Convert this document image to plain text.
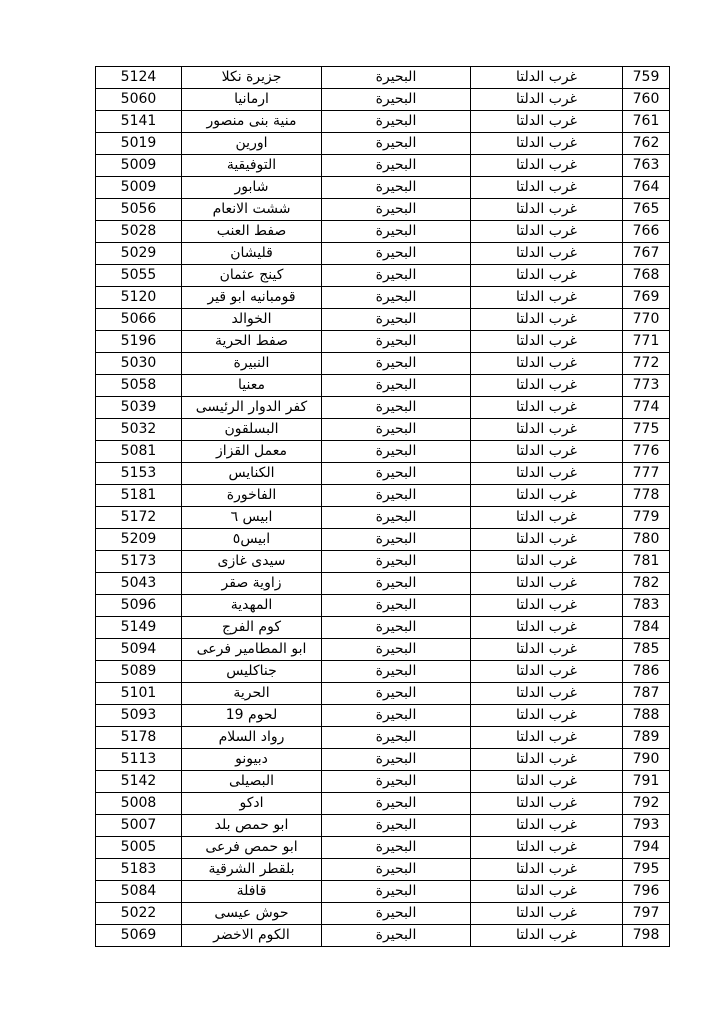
759	غرب الدلتا	البحيرة	جزيرة نكلا	5124
760	غرب الدلتا	البحيرة	ارمانيا	5060
761	غرب الدلتا	البحيرة	منية بنى منصور	5141
762	غرب الدلتا	البحيرة	اورين	5019
763	غرب الدلتا	البحيرة	التوفيقية	5009
764	غرب الدلتا	البحيرة	شابور	5009
765	غرب الدلتا	البحيرة	ششت الانعام	5056
766	غرب الدلتا	البحيرة	صفط العنب	5028
767	غرب الدلتا	البحيرة	قليشان	5029
768	غرب الدلتا	البحيرة	كينج عثمان	5055
769	غرب الدلتا	البحيرة	قومبانيه ابو قير	5120
770	غرب الدلتا	البحيرة	الخوالد	5066
771	غرب الدلتا	البحيرة	صفط الحرية	5196
772	غرب الدلتا	البحيرة	النبيرة	5030
773	غرب الدلتا	البحيرة	معنيا	5058
774	غرب الدلتا	البحيرة	كفر الدوار الرئيسى	5039
775	غرب الدلتا	البحيرة	البسلقون	5032
776	غرب الدلتا	البحيرة	معمل القزاز	5081
777	غرب الدلتا	البحيرة	الكنايس	5153
778	غرب الدلتا	البحيرة	الفاخورة	5181
779	غرب الدلتا	البحيرة	ابيس ٦	5172
780	غرب الدلتا	البحيرة	ابيس٥	5209
781	غرب الدلتا	البحيرة	سيدى غازى	5173
782	غرب الدلتا	البحيرة	زاوية صقر	5043
783	غرب الدلتا	البحيرة	المهدية	5096
784	غرب الدلتا	البحيرة	كوم الفرج	5149
785	غرب الدلتا	البحيرة	ابو المطامير فرعى	5094
786	غرب الدلتا	البحيرة	جناكليس	5089
787	غرب الدلتا	البحيرة	الحرية	5101
788	غرب الدلتا	البحيرة	لحوم 19	5093
789	غرب الدلتا	البحيرة	رواد السلام	5178
790	غرب الدلتا	البحيرة	دبيونو	5113
791	غرب الدلتا	البحيرة	البصيلى	5142
792	غرب الدلتا	البحيرة	ادكو	5008
793	غرب الدلتا	البحيرة	ابو حمص بلد	5007
794	غرب الدلتا	البحيرة	ابو حمص فرعى	5005
795	غرب الدلتا	البحيرة	بلقطر الشرقية	5183
796	غرب الدلتا	البحيرة	قافلة	5084
797	غرب الدلتا	البحيرة	حوش عيسى	5022
798	غرب الدلتا	البحيرة	الكوم الاخضر	5069
